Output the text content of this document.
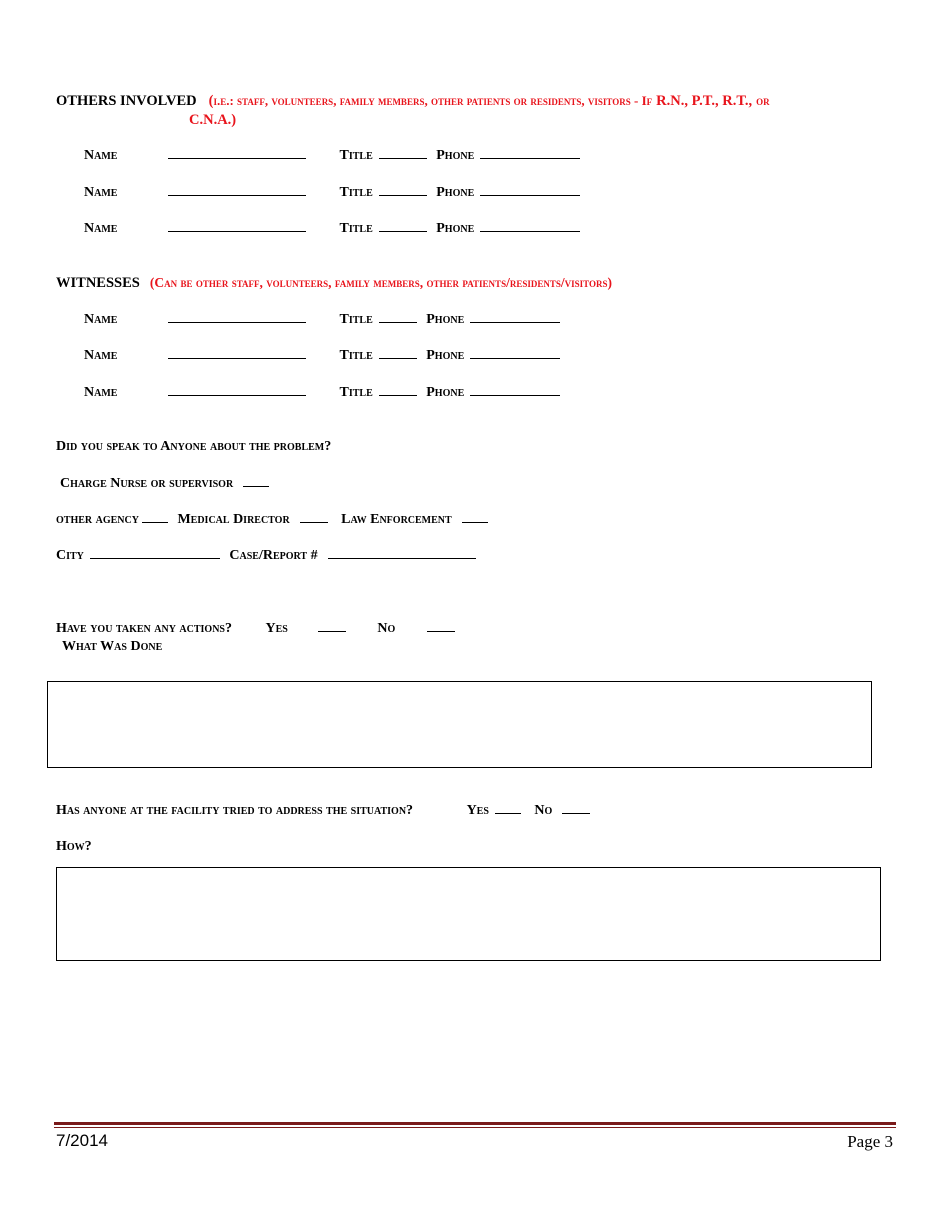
OTHERS INVOLVED (i.e.: staff, volunteers, family members, other patients or residents, visitors - If R.N., P.T., R.T., or
C.N.A.)
Name	Title	Phone
Name	Title	Phone
Name	Title	Phone
WITNESSES (Can be other staff, volunteers, family members, other patients/residents/visitors)
Name	Title	Phone
Name	Title	Phone
Name	Title	Phone
Did you speak to Anyone about the problem?
Charge Nurse or supervisor
other agency	Medical Director	Law Enforcement
City	Case/Report #
Have you taken any actions? Yes	No
What Was Done
Has anyone at the facility tried to address the situation?	Yes	No
How?
7/2014	Page 3
